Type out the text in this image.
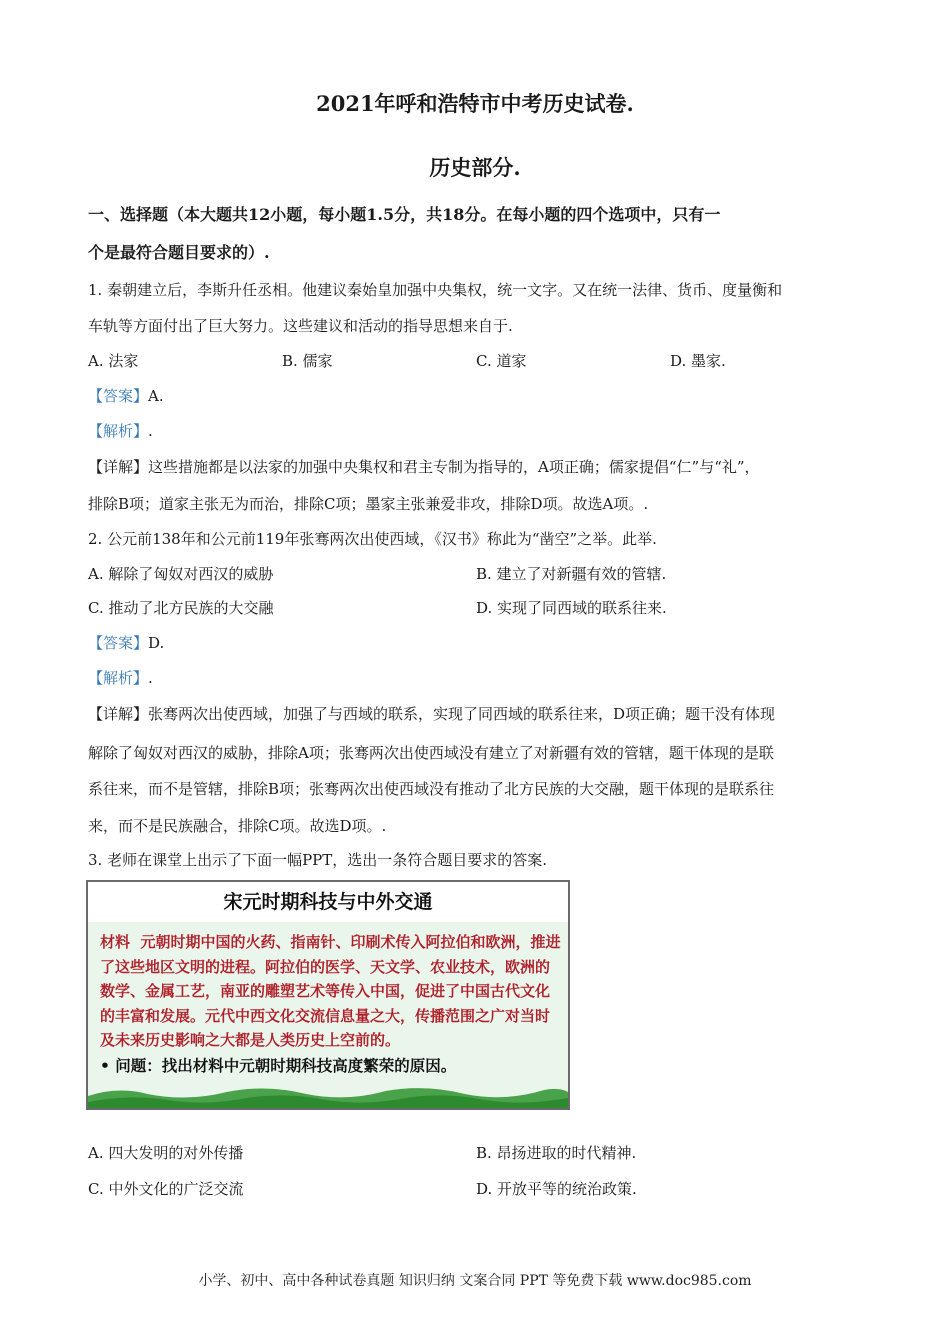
2021年呼和浩特市中考历史试卷.
历史部分.
一、选择题（本大题共12小题，每小题1.5分，共18分。在每小题的四个选项中，只有一
个是最符合题目要求的）.
1. 秦朝建立后，李斯升任丞相。他建议秦始皇加强中央集权，统一文字。又在统一法律、货币、度量衡和
车轨等方面付出了巨大努力。这些建议和活动的指导思想来自于.
A. 法家	B. 儒家	C. 道家	D. 墨家.
【答案】A.
【解析】.
【详解】这些措施都是以法家的加强中央集权和君主专制为指导的，A项正确；儒家提倡“仁”与“礼”，
排除B项；道家主张无为而治，排除C项；墨家主张兼爱非攻，排除D项。故选A项。.
2. 公元前138年和公元前119年张骞两次出使西域，《汉书》称此为“凿空”之举。此举.
A. 解除了匈奴对西汉的威胁	B. 建立了对新疆有效的管辖.
C. 推动了北方民族的大交融	D. 实现了同西域的联系往来.
【答案】D.
【解析】.
【详解】张骞两次出使西域，加强了与西域的联系，实现了同西域的联系往来，D项正确；题干没有体现
解除了匈奴对西汉的威胁，排除A项；张骞两次出使西域没有建立了对新疆有效的管辖，题干体现的是联
系往来，而不是管辖，排除B项；张骞两次出使西域没有推动了北方民族的大交融，题干体现的是联系往
来，而不是民族融合，排除C项。故选D项。.
3. 老师在课堂上出示了下面一幅PPT，选出一条符合题目要求的答案.
宋元时期科技与中外交通
材料 元朝时期中国的火药、指南针、印刷术传入阿拉伯和欧洲，推进了这些地区文明的进程。阿拉伯的医学、天文学、农业技术，欧洲的数学、金属工艺，南亚的雕塑艺术等传入中国，促进了中国古代文化的丰富和发展。元代中西文化交流信息量之大，传播范围之广对当时及未来历史影响之大都是人类历史上空前的。
• 问题：找出材料中元朝时期科技高度繁荣的原因。
A. 四大发明的对外传播	B. 昂扬进取的时代精神.
C. 中外文化的广泛交流	D. 开放平等的统治政策.
小学、初中、高中各种试卷真题 知识归纳 文案合同 PPT 等免费下载 www.doc985.com
